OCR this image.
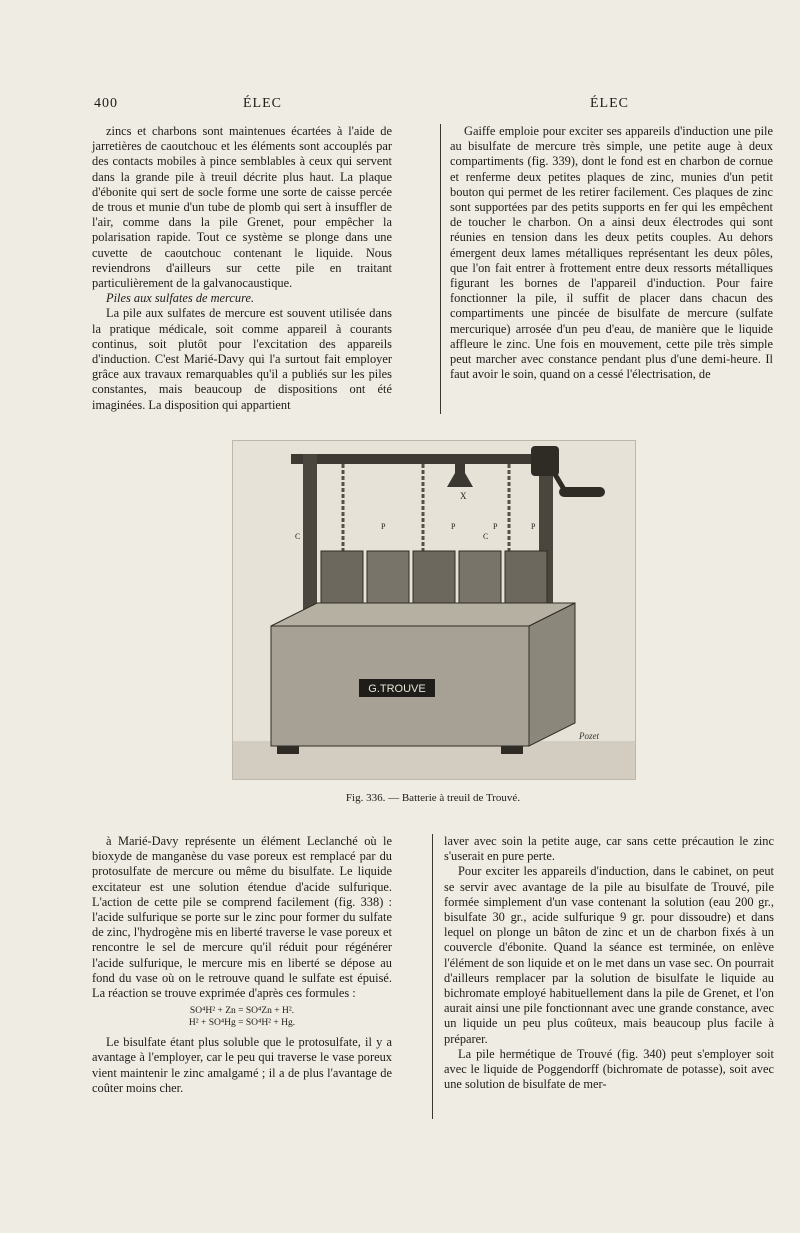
400	ÉLEC	ÉLEC

zincs et charbons sont maintenues écartées à l'aide de jarretières de caoutchouc et les éléments sont accouplés par des contacts mobiles à pince semblables à ceux qui servent dans la grande pile à treuil décrite plus haut. La plaque d'ébonite qui sert de socle forme une sorte de caisse percée de trous et munie d'un tube de plomb qui sert à insuffler de l'air, comme dans la pile Grenet, pour empêcher la polarisation rapide. Tout ce système se plonge dans une cuvette de caoutchouc contenant le liquide. Nous reviendrons d'ailleurs sur cette pile en traitant particulièrement de la galvanocaustique.

Piles aux sulfates de mercure.

La pile aux sulfates de mercure est souvent utilisée dans la pratique médicale, soit comme appareil à courants continus, soit plutôt pour l'excitation des appareils d'induction. C'est Marié-Davy qui l'a surtout fait employer grâce aux travaux remarquables qu'il a publiés sur les piles constantes, mais beaucoup de dispositions ont été imaginées. La disposition qui appartient

Gaiffe emploie pour exciter ses appareils d'induction une pile au bisulfate de mercure très simple, une petite auge à deux compartiments (fig. 339), dont le fond est en charbon de cornue et renferme deux petites plaques de zinc, munies d'un petit bouton qui permet de les retirer facilement. Ces plaques de zinc sont supportées par des petits supports en fer qui les empêchent de toucher le charbon. On a ainsi deux électrodes qui sont réunies en tension dans les deux petits couples. Au dehors émergent deux lames métalliques représentant les deux pôles, que l'on fait entrer à frottement entre deux ressorts métalliques figurant les bornes de l'appareil d'induction. Pour faire fonctionner la pile, il suffit de placer dans chacun des compartiments une pincée de bisulfate de mercure (sulfate mercurique) arrosée d'un peu d'eau, de manière que le liquide affleure le zinc. Une fois en mouvement, cette pile très simple peut marcher avec constance pendant plus d'une demi-heure. Il faut avoir le soin, quand on a cessé l'électrisation, de

X
P	P	P	P
C	C
G.TROUVE
Pozet
Fig. 336. — Batterie à treuil de Trouvé.

à Marié-Davy représente un élément Leclanché où le bioxyde de manganèse du vase poreux est remplacé par du protosulfate de mercure ou même du bisulfate. Le liquide excitateur est une solution étendue d'acide sulfurique. L'action de cette pile se comprend facilement (fig. 338) : l'acide sulfurique se porte sur le zinc pour former du sulfate de zinc, l'hydrogène mis en liberté traverse le vase poreux et rencontre le sel de mercure qu'il réduit pour régénérer l'acide sulfurique, le mercure mis en liberté se dépose au fond du vase où on le retrouve quand le sulfate est épuisé. La réaction se trouve exprimée d'après ces formules :

SO⁴H² + Zn = SO⁴Zn + H².
H² + SO⁴Hg = SO⁴H² + Hg.

Le bisulfate étant plus soluble que le protosulfate, il y a avantage à l'employer, car le peu qui traverse le vase poreux vient maintenir le zinc amalgamé ; il a de plus l'avantage de coûter moins cher.

laver avec soin la petite auge, car sans cette précaution le zinc s'userait en pure perte.

Pour exciter les appareils d'induction, dans le cabinet, on peut se servir avec avantage de la pile au bisulfate de Trouvé, pile formée simplement d'un vase contenant la solution (eau 200 gr., bisulfate 30 gr., acide sulfurique 9 gr. pour dissoudre) et dans lequel on plonge un bâton de zinc et un de charbon fixés à un couvercle d'ébonite. Quand la séance est terminée, on enlève l'élément de son liquide et on le met dans un vase sec. On pourrait d'ailleurs remplacer par la solution de bisulfate le liquide au bichromate employé habituellement dans la pile de Grenet, et l'on aurait ainsi une pile fonctionnant avec une grande constance, avec un liquide un peu plus coûteux, mais beaucoup plus facile à préparer.

La pile hermétique de Trouvé (fig. 340) peut s'employer soit avec le liquide de Poggendorff (bichromate de potasse), soit avec une solution de bisulfate de mer-
